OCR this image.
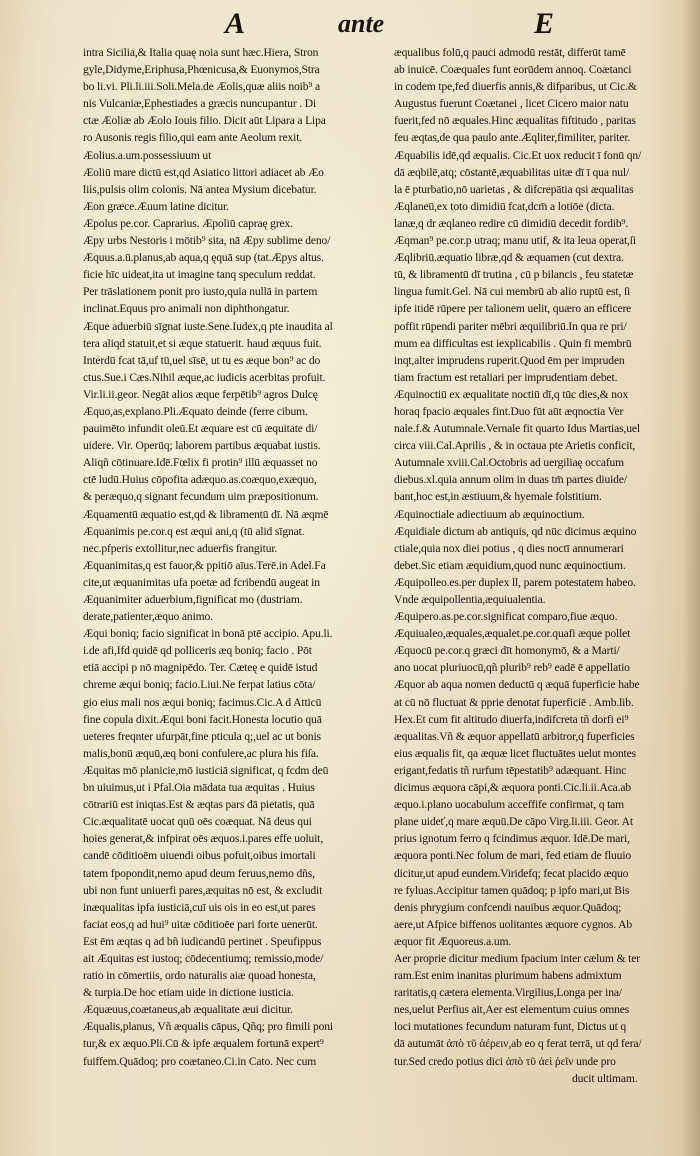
A	ante	E
intra Sicilia,& Italia quaę noia sunt hæc.Hiera, Stron
gyle,Didyme,Eriphusa,Phœnicusa,& Euonymos,Stra
bo li.vi. Pli.li.iii.Soli.Mela.de Æolis,quæ aliis noib⁹ a
nis Vulcaniæ,Ephestiades a græcis nuncupantur . Di
ctæ Æoliæ ab Æolo Iouis filio. Dicit aūt Lipara a Lipa
ro Ausonis regis filio,qui eam ante Aeolum rexit.
Æolius.a.um.possessiuum ut
Æoliū mare dictū est,qd Asiatico littori adiacet ab Æo
liis,pulsis olim colonis. Nā antea Mysium dicebatur.
Æon græce.Æuum latine dicitur.
Æpolus pe.cor. Caprarius. Æpoliū capraę grex.
Æpy urbs Nestoris i mōtib⁹ sita, nā Æpy sublime deno/
Æquus.a.ū.planus,ab aqua,q ęquā sup (tat.Æpys altus.
ficie hīc uideat,ita ut imagine tanq speculum reddat.
Per trāslationem ponit pro iusto,quia nullā in partem
inclinat.Equus pro animali non diphthongatur.
Æque aduerbiū sīgnat iuste.Sene.Iudex,q pte inaudita al
tera aliqd statuit,et si æque statuerit. haud æquus fuit.
Interdū fcat tā,uf tū,uel sīsē, ut tu es æque bon⁹ ac do
ctus.Sue.i Cæs.Nihil æque,ac iudicis acerbitas profuit.
Vir.li.ii.geor. Negāt alios æque ferpētib⁹ agros Dulcę
Æquo,as,explano.Pli.Æquato deinde (ferre cibum.
pauimēto infundit oleū.Et æquare est cū æquitate di/
uidere. Vir. Operūq; laborem partibus æquabat iustis.
Aliqñ cōtinuare.Idē.Fœlix fi protin⁹ illū æquasset no
ctē ludū.Huius cōpofita adæquo.as.coæquo,exæquo,
& peræquo,q signant fecundum uim præpositionum.
Æquamentū æquatio est,qd & libramentū dī. Nā æqmē
Æquanimis pe.cor.q est æqui ani,q (tū alid sīgnat.
nec.pfperis extollitur,nec aduerfis frangitur.
Æquanimitas,q est fauor,& ppitiō aīus.Terē.in Adel.Fa
cite,ut æquanimitas ufa poetæ ad fcribendū augeat in
Æquanimiter aduerbium,fignificat mo (dustriam.
derate,patienter,æquo animo.
Æqui boniq; facio significat in bonā ptē accipio. Apu.li.
i.de afi,Ifd quidē qd polliceris æq boniq; facio . Pōt
etiā accipi p nō magnipēdo. Ter. Cæteę e quidē istud
chreme æqui boniq; facio.Liui.Ne ferpat latius cōta/
gio eius mali nos æqui boniq; facimus.Cic.A d Atticū
fine copula dixit.Æqui boni facit.Honesta locutio quā
ueteres freqnter ufurpāt,fine pticula q;,uel ac ut bonis
malis,bonū æquū,æq boni confulere,ac plura his fiſa.
Æquitas mō planicie,mō iusticiā significat, q fcdm deū
bn uiuimus,ut i Pfal.Oia mādata tua æquitas . Huius
cōtrariū est iniqtas.Est & æqtas pars dā pietatis, quā
Cic.æqualitatē uocat quū oēs coæquat. Nā deus qui
hoies generat,& infpirat oēs æquos.i.pares effe uoluit,
candē cōditioēm uiuendi oibus pofuit,oibus imortali
tatem fpopondit,nemo apud deum feruus,nemo dñs,
ubi non funt uniuerfi pares,æquitas nō est, & excludit
inæqualitas ipfa iusticiā,cuī uis ois in eo est,ut pares
faciat eos,q ad hui⁹ uitæ cōditioēe pari forte uenerūt.
Est ēm æqtas q ad bñ iudicandū pertinet . Speufippus
ait Æquitas est iustoq; cōdecentiumq; remissio,mode/
ratio in cōmertiis, ordo naturalis aiæ quoad honesta,
& turpia.De hoc etiam uide in dictione iusticia.
Æquæuus,coætaneus,ab æqualitate æui dicitur.
Æqualis,planus, Vñ æqualis cāpus, Qñq; pro fimili poni
tur,& ex æquo.Pli.Cū & ipfe æqualem fortunā expert⁹
fuiffem.Quādoq; pro coætaneo.Ci.in Cato. Nec cum
æqualibus folū,q pauci admodū restāt, differūt tamē
ab inuicē. Coæquales funt eorūdem annoq. Coætanci
in codem tpe,fed diuerfis annis,& difparibus, ut Cic.&
Augustus fuerunt Coætanei , licet Cicero maior natu
fuerit,fed nō æquales.Hinc æqualitas fiftitudo , paritas
feu æqtas,de qua paulo ante.Æqliter,fimiliter, pariter.
Æquabilis idē,qd æqualis. Cic.Et uox reducit ī fonū qn/
dā æqbilē,atq; cōstantē,æquabilitas uitæ dī ī qua nul/
la ē pturbatio,nō uarietas , & difcrepātia qsi æqualitas
Æqlaneū,ex toto dimidiū fcat,dcm̄ a lotiōe (dicta.
lanæ,q dr æqlaneo redire cū dimidiū decedit fordib⁹.
Æqman⁹ pe.cor.p utraq; manu utif, & ita leua operat,ſi
Æqlibriū.æquatio libræ,qd & æquamen (cut dextra.
tū, & libramentū dī trutina , cū p bilancis , feu statetæ
lingua fumit.Gel. Nā cui membrū ab alio ruptū est, ſi
ipfe itidē rūpere per talionem uelit, quæro an efficere
poffit rūpendi pariter mēbri æquilibriū.In qua re pri/
mum ea difficultas est iexplicabilis . Quin fi membrū
inqt,alter imprudens ruperit.Quod ēm per impruden
tiam fractum est retaliari per imprudentiam debet.
Æquinoctiū ex æqualitate noctiū dī,q tūc dies,& nox
horaq fpacio æquales fint.Duo fūt aūt æqnoctia Ver
nale.f.& Autumnale.Vernale fit quarto Idus Martias,uel
circa viii.Cal.Aprilis , & in octaua pte Arietis conficit,
Autumnale xviii.Cal.Octobris ad uergiliaę occafum
diebus.xl.quia annum olim in duas tm̄ partes diuide/
bant,hoc est,in æstiuum,& hyemale folstitium.
Æquinoctiale adiectiuum ab æquinoctium.
Æquidiale dictum ab antiquis, qd nūc dicimus æquino
ctiale,quia nox diei potius , q dies noctī annumerari
debet.Sic etiam æquidium,quod nunc æquinoctium.
Æquipolleo.es.per duplex ll, parem potestatem habeo.
Vnde æquipollentia,æquiualentia.
Æquipero.as.pe.cor.significat comparo,fiue æquo.
Æquiualeo,æquales,æqualet.pe.cor.quafi æque pollet
Æquocū pe.cor.q græci dīt homonymō, & a Marti/
ano uocat pluriuocū,qñ plurib⁹ reb⁹ eadē ē appellatio
Æquor ab aqua nomen deductū q æquā fuperficie habe
at cū nō fluctuat & pprie denotat fuperficiē . Amb.lib.
Hex.Et cum fit altitudo diuerfa,indifcreta tñ dorfi ei⁹
æqualitas.Vñ & æquor appellatū arbitror,q fuperficies
eius æqualis fit, qa æquæ licet fluctuātes uelut montes
erigant,fedatis tñ rurfum tēpestatib⁹ adæquant. Hinc
dicimus æquora cāpi,& æquora ponti.Cic.li.ii.Aca.ab
æquo.i.plano uocabulum acceffife confirmat, q tam
plane uideť,q mare æquū.De cāpo Virg.li.iii. Geor. At
prius ignotum ferro q fcindimus æquor. Idē.De mari,
æquora ponti.Nec folum de mari, fed etiam de fluuio
dicitur,ut apud eundem.Viridefq; fecat placido æquo
re fyluas.Accipitur tamen quādoq; p ipfo mari,ut Bis
denis phrygium confcendi nauibus æquor.Quādoq;
aere,ut Afpice biffenos uolitantes æquore cygnos. Ab
æquor fit Æquoreus.a.um.
Aer proprie dicitur medium fpacium inter cælum & ter
ram.Est enim inanitas plurimum habens admixtum
raritatis,q cætera elementa.Virgilius,Longa per ina/
nes,uelut Perfius ait,Aer est elementum cuius omnes
loci mutationes fecundum naturam funt, Dictus ut q
dā autumāt ἀπὸ τῦ ἀέρειν,ab eo q ferat terrā, ut qd fera/
tur.Sed credo potius dici ἀπὸ τῦ ἀεὶ ῥεῖν unde pro
ducit ultimam.
